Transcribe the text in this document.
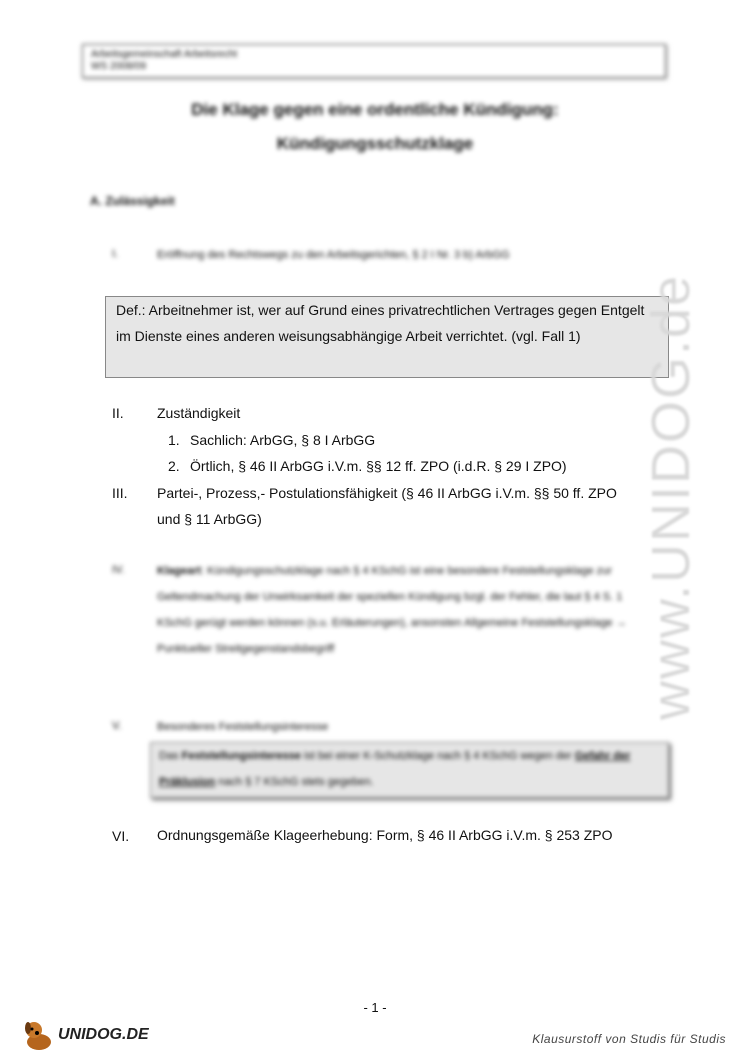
Arbeitsgemeinschaft Arbeitsrecht
WS 2008/09
Die Klage gegen eine ordentliche Kündigung:
Kündigungsschutzklage
A. Zulässigkeit
I.	Eröffnung des Rechtswegs zu den Arbeitsgerichten, § 2 I Nr. 3 b) ArbGG
Def.: Arbeitnehmer ist, wer auf Grund eines privatrechtlichen Vertrages gegen Entgelt im Dienste eines anderen weisungsabhängige Arbeit verrichtet. (vgl. Fall 1)
II. Zuständigkeit
1. Sachlich: ArbGG, § 8 I ArbGG
2. Örtlich, § 46 II ArbGG i.V.m. §§ 12 ff. ZPO (i.d.R. § 29 I ZPO)
III. Partei-, Prozess,- Postulationsfähigkeit (§ 46 II ArbGG i.V.m. §§ 50 ff. ZPO
und § 11 ArbGG)
IV.	Klageart: Kündigungsschutzklage nach § 4 KSchG ist eine besondere Feststellungsklage zur Geltendmachung der Unwirksamkeit der speziellen Kündigung bzgl. der Fehler, die laut § 4 S. 1 KSchG gerügt werden können (s.u. Erläuterungen), ansonsten Allgemeine Feststellungsklage → Punktueller Streitgegenstandsbegriff
V.	Besonderes Feststellungsinteresse
Das Feststellungsinteresse ist bei einer K-Schutzklage nach § 4 KSchG wegen der Gefahr der Präklusion nach § 7 KSchG stets gegeben.
VI. Ordnungsgemäße Klageerhebung: Form, § 46 II ArbGG i.V.m. § 253 ZPO
www.UNIDOG.de
- 1 -
UNIDOG.DE	Klausurstoff von Studis für Studis
